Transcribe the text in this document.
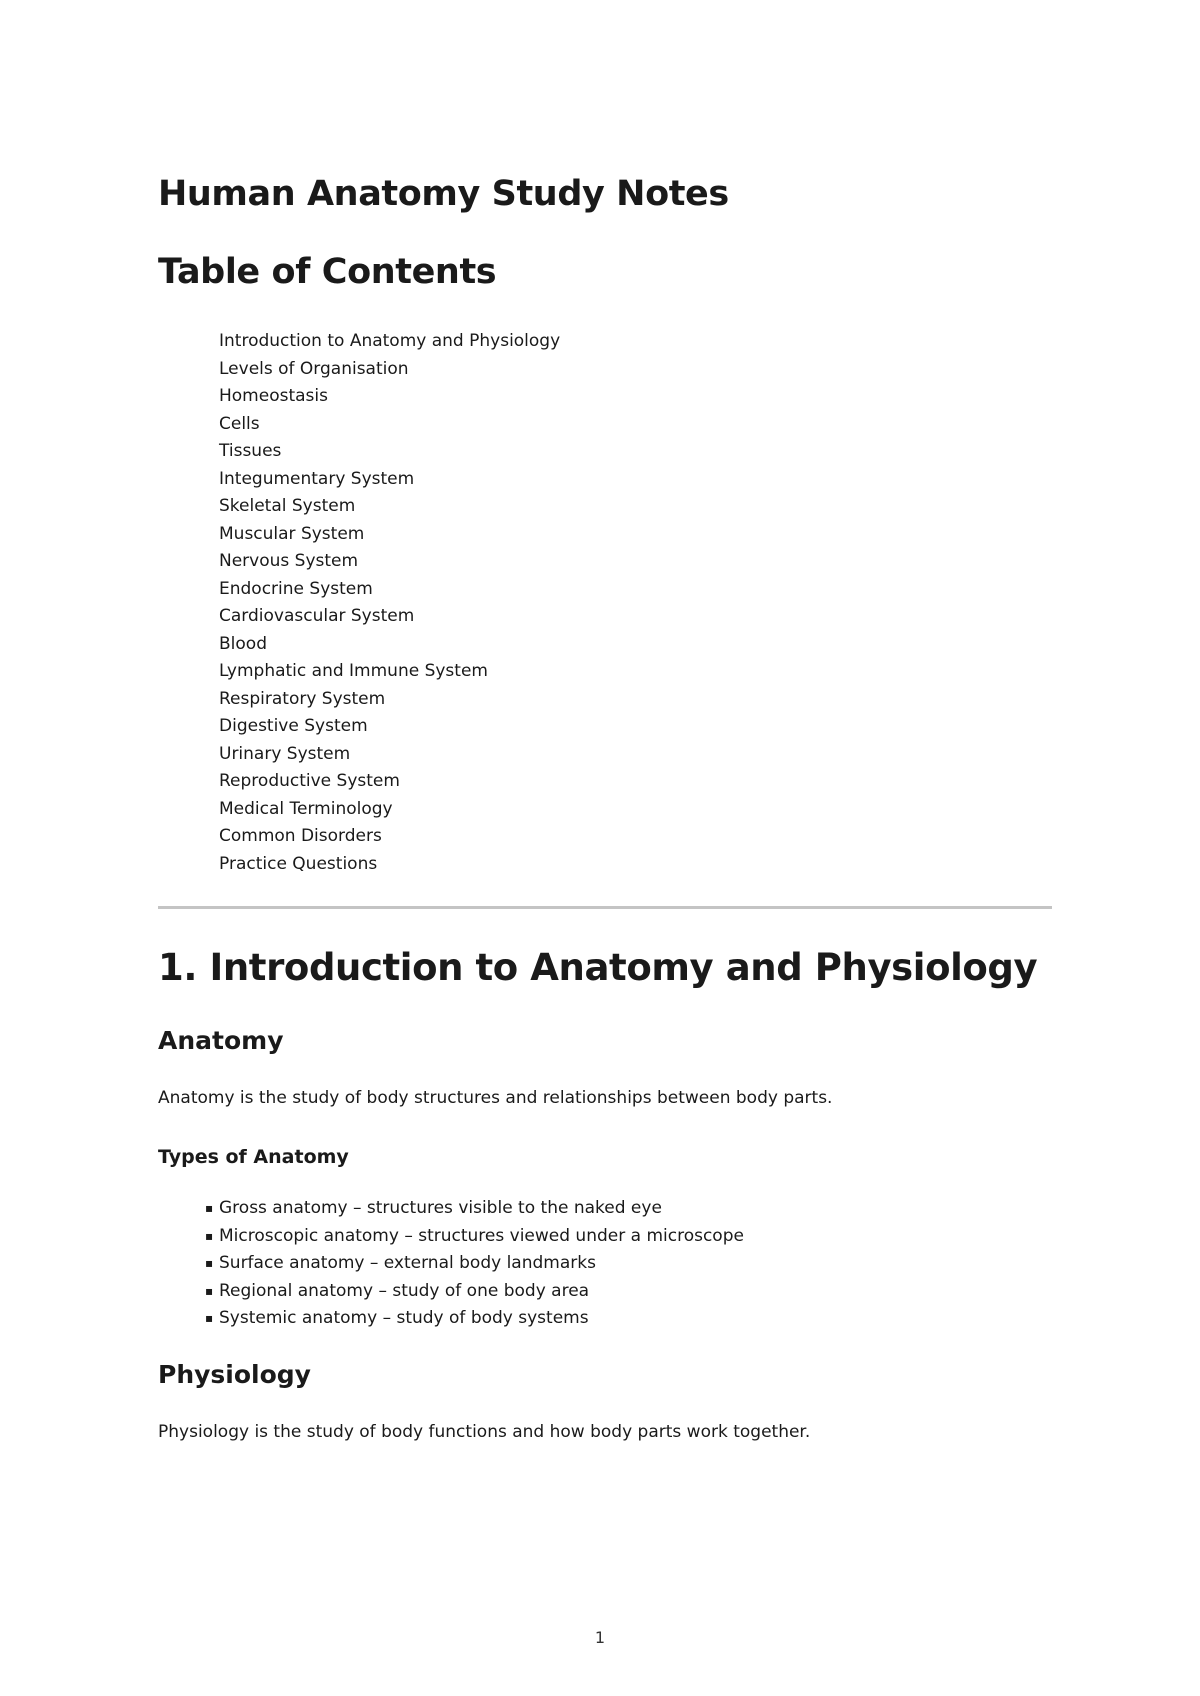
Human Anatomy Study Notes
Table of Contents
Introduction to Anatomy and Physiology
Levels of Organisation
Homeostasis
Cells
Tissues
Integumentary System
Skeletal System
Muscular System
Nervous System
Endocrine System
Cardiovascular System
Blood
Lymphatic and Immune System
Respiratory System
Digestive System
Urinary System
Reproductive System
Medical Terminology
Common Disorders
Practice Questions
1. Introduction to Anatomy and Physiology
Anatomy

Anatomy is the study of body structures and relationships between body parts.

Types of Anatomy
▪ Gross anatomy – structures visible to the naked eye
▪ Microscopic anatomy – structures viewed under a microscope
▪ Surface anatomy – external body landmarks
▪ Regional anatomy – study of one body area
▪ Systemic anatomy – study of body systems
Physiology

Physiology is the study of body functions and how body parts work together.

1
